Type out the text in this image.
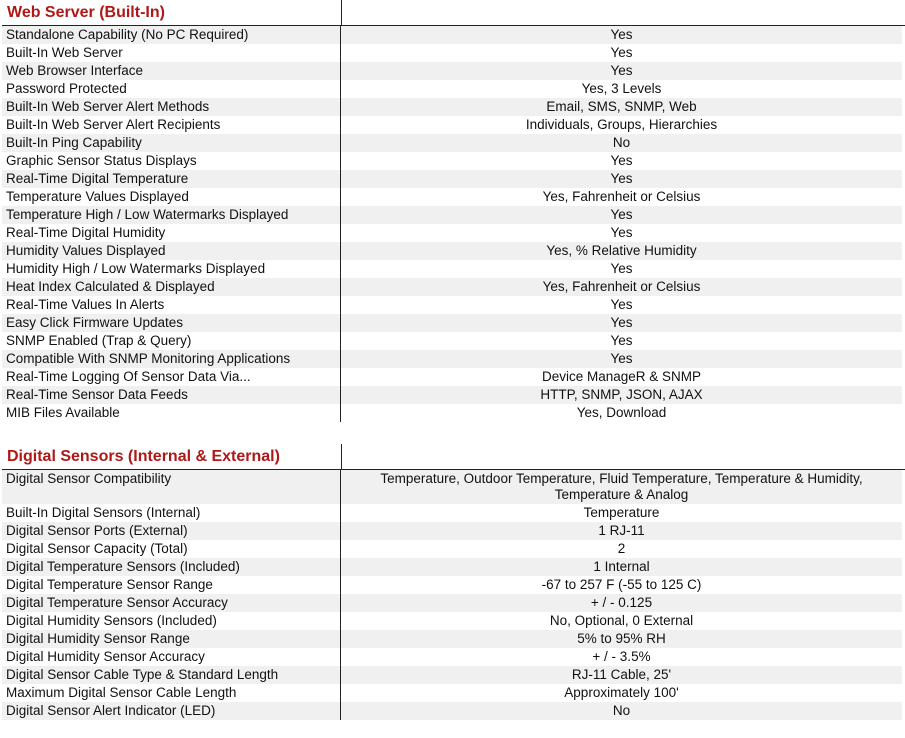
Web Server (Built-In)
Standalone Capability (No PC Required)	Yes
Built-In Web Server	Yes
Web Browser Interface	Yes
Password Protected	Yes, 3 Levels
Built-In Web Server Alert Methods	Email, SMS, SNMP, Web
Built-In Web Server Alert Recipients	Individuals, Groups, Hierarchies
Built-In Ping Capability	No
Graphic Sensor Status Displays	Yes
Real-Time Digital Temperature	Yes
Temperature Values Displayed	Yes, Fahrenheit or Celsius
Temperature High / Low Watermarks Displayed	Yes
Real-Time Digital Humidity	Yes
Humidity Values Displayed	Yes, % Relative Humidity
Humidity High / Low Watermarks Displayed	Yes
Heat Index Calculated & Displayed	Yes, Fahrenheit or Celsius
Real-Time Values In Alerts	Yes
Easy Click Firmware Updates	Yes
SNMP Enabled (Trap & Query)	Yes
Compatible With SNMP Monitoring Applications	Yes
Real-Time Logging Of Sensor Data Via...	Device ManageR & SNMP
Real-Time Sensor Data Feeds	HTTP, SNMP, JSON, AJAX
MIB Files Available	Yes, Download
Digital Sensors (Internal & External)
Digital Sensor Compatibility	Temperature, Outdoor Temperature, Fluid Temperature, Temperature & Humidity,
Temperature & Analog

Built-In Digital Sensors (Internal)	Temperature
Digital Sensor Ports (External)	1 RJ-11
Digital Sensor Capacity (Total)	2
Digital Temperature Sensors (Included)	1 Internal
Digital Temperature Sensor Range	-67 to 257 F (-55 to 125 C)
Digital Temperature Sensor Accuracy	+ / - 0.125
Digital Humidity Sensors (Included)	No, Optional, 0 External
Digital Humidity Sensor Range	5% to 95% RH
Digital Humidity Sensor Accuracy	+ / - 3.5%
Digital Sensor Cable Type & Standard Length	RJ-11 Cable, 25'
Maximum Digital Sensor Cable Length	Approximately 100'
Digital Sensor Alert Indicator (LED)	No
